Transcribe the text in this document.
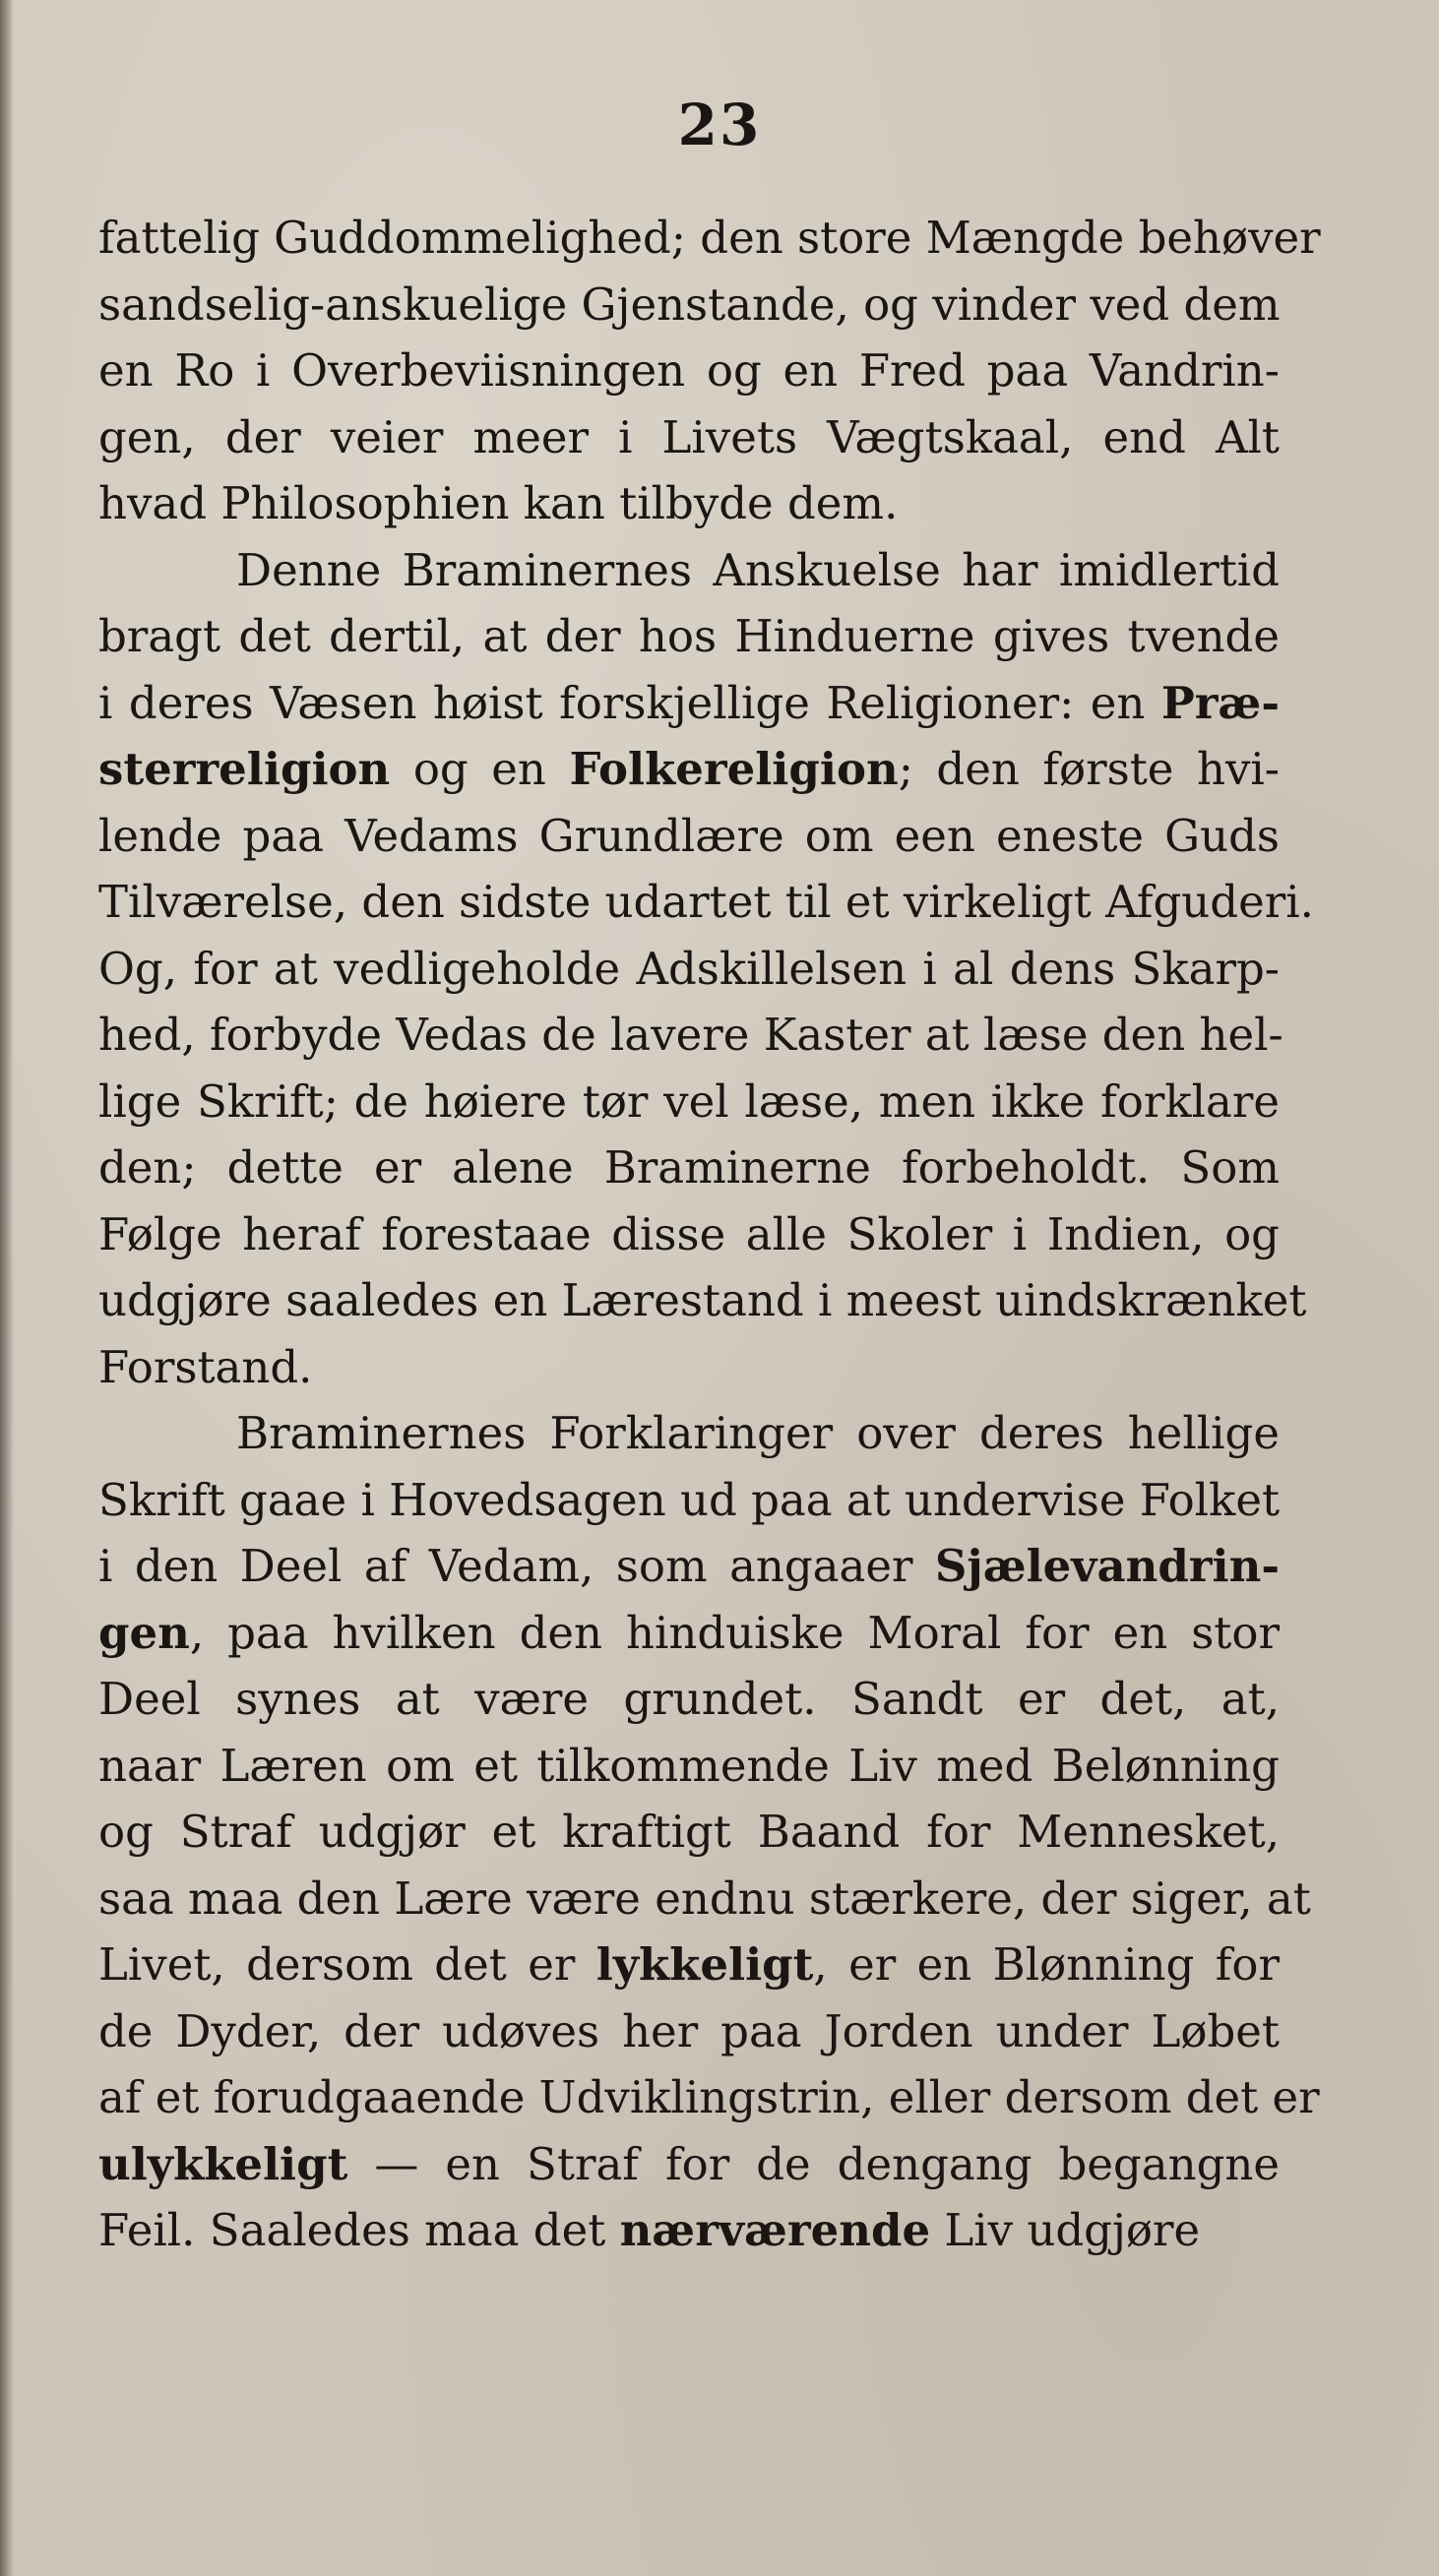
23
fattelig Guddommelighed; den store Mængde behøver
sandselig-anskuelige Gjenstande, og vinder ved dem
en Ro i Overbeviisningen og en Fred paa Vandrin-
gen, der veier meer i Livets Vægtskaal, end Alt
hvad Philosophien kan tilbyde dem.
Denne Braminernes Anskuelse har imidlertid
bragt det dertil, at der hos Hinduerne gives tvende
i deres Væsen høist forskjellige Religioner: en Præ-
sterreligion og en Folkereligion; den første hvi-
lende paa Vedams Grundlære om een eneste Guds
Tilværelse, den sidste udartet til et virkeligt Afguderi.
Og, for at vedligeholde Adskillelsen i al dens Skarp-
hed, forbyde Vedas de lavere Kaster at læse den hel-
lige Skrift; de høiere tør vel læse, men ikke forklare
den; dette er alene Braminerne forbeholdt. Som
Følge heraf forestaae disse alle Skoler i Indien, og
udgjøre saaledes en Lærestand i meest uindskrænket
Forstand.
Braminernes Forklaringer over deres hellige
Skrift gaae i Hovedsagen ud paa at undervise Folket
i den Deel af Vedam, som angaaer Sjælevandrin-
gen, paa hvilken den hinduiske Moral for en stor
Deel synes at være grundet. Sandt er det, at,
naar Læren om et tilkommende Liv med Belønning
og Straf udgjør et kraftigt Baand for Mennesket,
saa maa den Lære være endnu stærkere, der siger, at
Livet, dersom det er lykkeligt, er en Blønning for
de Dyder, der udøves her paa Jorden under Løbet
af et forudgaaende Udviklingstrin, eller dersom det er
ulykkeligt — en Straf for de dengang begangne
Feil. Saaledes maa det nærværende Liv udgjøre
